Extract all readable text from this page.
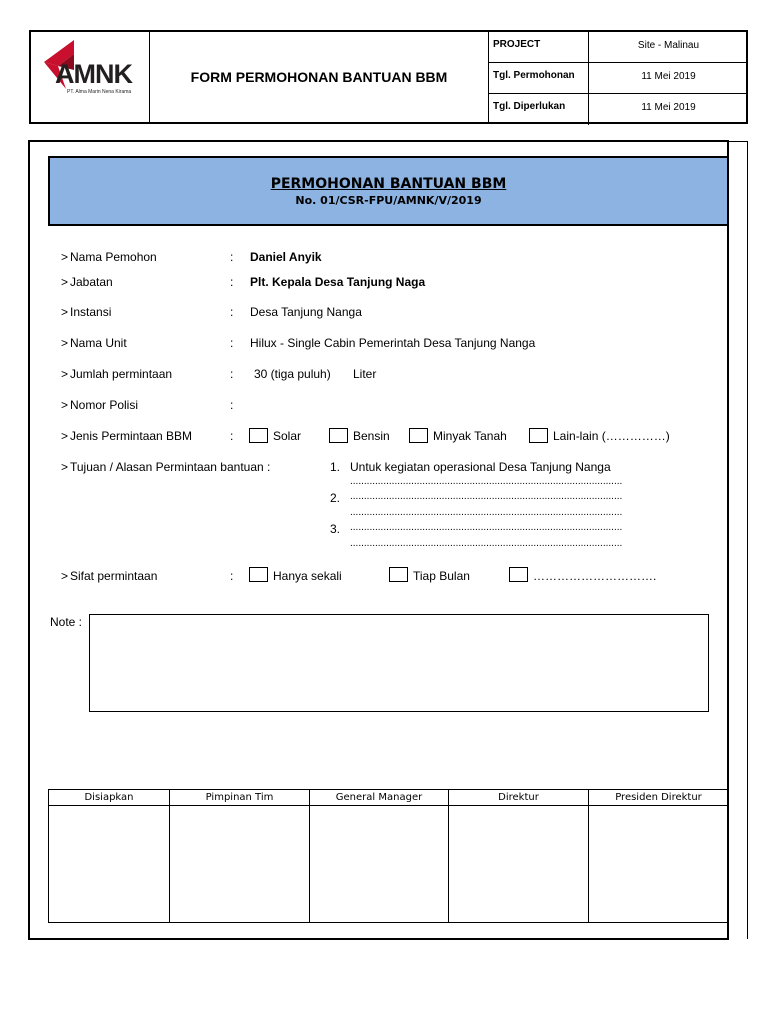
AMNK
PT. Alma Marin Nena Kirama
FORM PERMOHONAN BANTUAN BBM
PROJECT	Site - Malinau
Tgl. Permohonan	11 Mei 2019
Tgl. Diperlukan	11 Mei 2019
PERMOHONAN BANTUAN BBM
No. 01/CSR-FPU/AMNK/V/2019
> Nama Pemohon	: Daniel Anyik
> Jabatan	: Plt. Kepala Desa Tanjung Naga
> Instansi	: Desa Tanjung Nanga
> Nama Unit	: Hilux - Single Cabin Pemerintah Desa Tanjung Nanga
> Jumlah permintaan	: 30 (tiga puluh) Liter
> Nomor Polisi	:
> Jenis Permintaan BBM	:	Solar	Bensin	Minyak Tanah	Lain-lain (……………)
> Tujuan / Alasan Permintaan bantuan :	1. Untuk kegiatan operasional Desa Tanjung Nanga
..................................................................................................
2. ..................................................................................................
..................................................................................................
3. ..................................................................................................
..................................................................................................
> Sifat permintaan	:	Hanya sekali	Tiap Bulan	………………………….
Note :
Disiapkan	Pimpinan Tim	General Manager	Direktur	Presiden Direktur
